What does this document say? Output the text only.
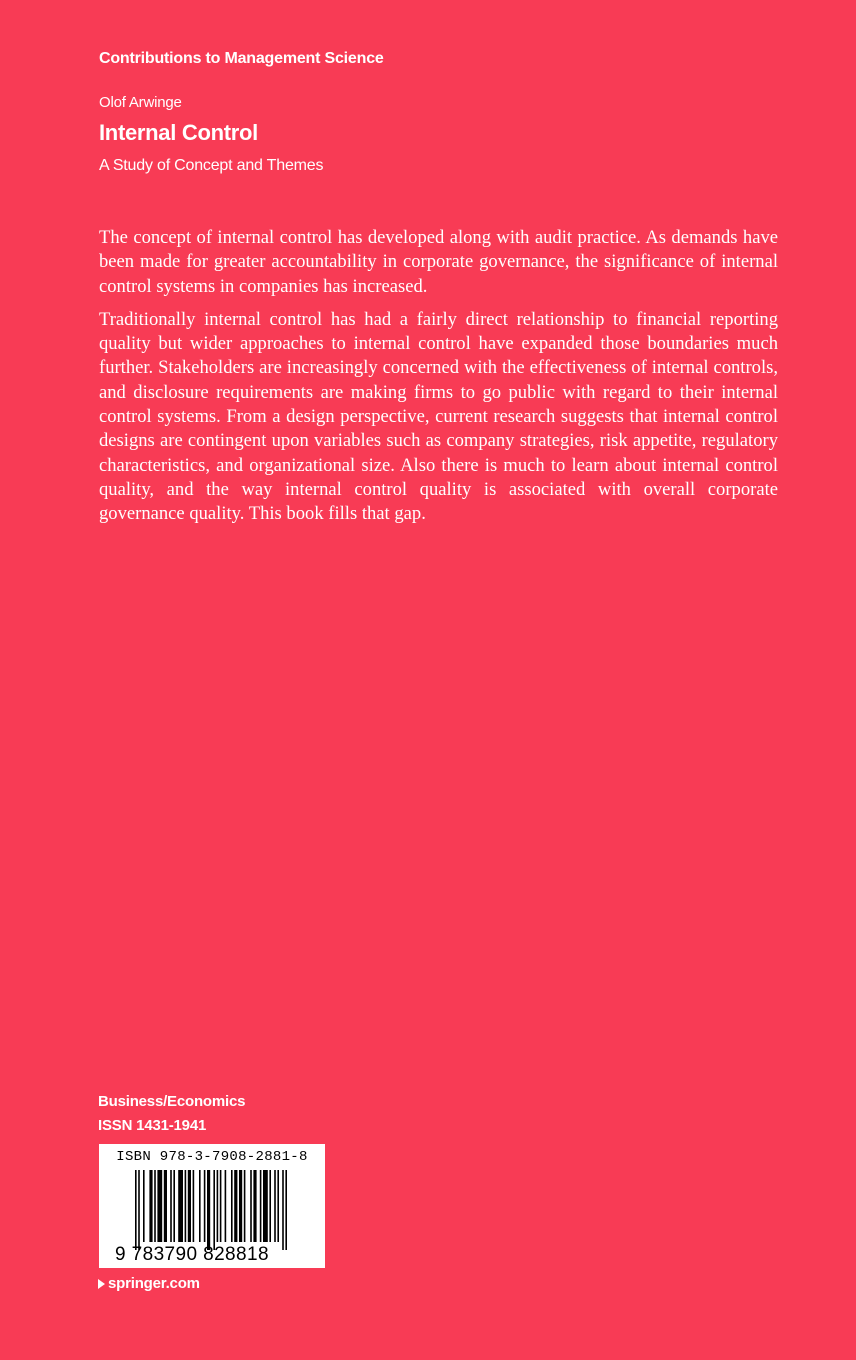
Contributions to Management Science
Olof Arwinge
Internal Control
A Study of Concept and Themes

The concept of internal control has developed along with audit practice. As demands have been made for greater accountability in corporate governance, the significance of internal control systems in companies has increased.

Traditionally internal control has had a fairly direct relationship to financial reporting quality but wider approaches to internal control have expanded those boundaries much further. Stakeholders are increasingly concerned with the effectiveness of internal controls, and disclosure requirements are making firms to go public with regard to their internal control systems. From a design perspective, current research suggests that internal control designs are contingent upon variables such as company strategies, risk appetite, regulatory characteristics, and organizational size. Also there is much to learn about internal control quality, and the way internal control quality is associated with overall corporate governance quality. This book fills that gap.

Business/Economics
ISSN 1431-1941
ISBN 978-3-7908-2881-8
9 783790 828818
springer.com
